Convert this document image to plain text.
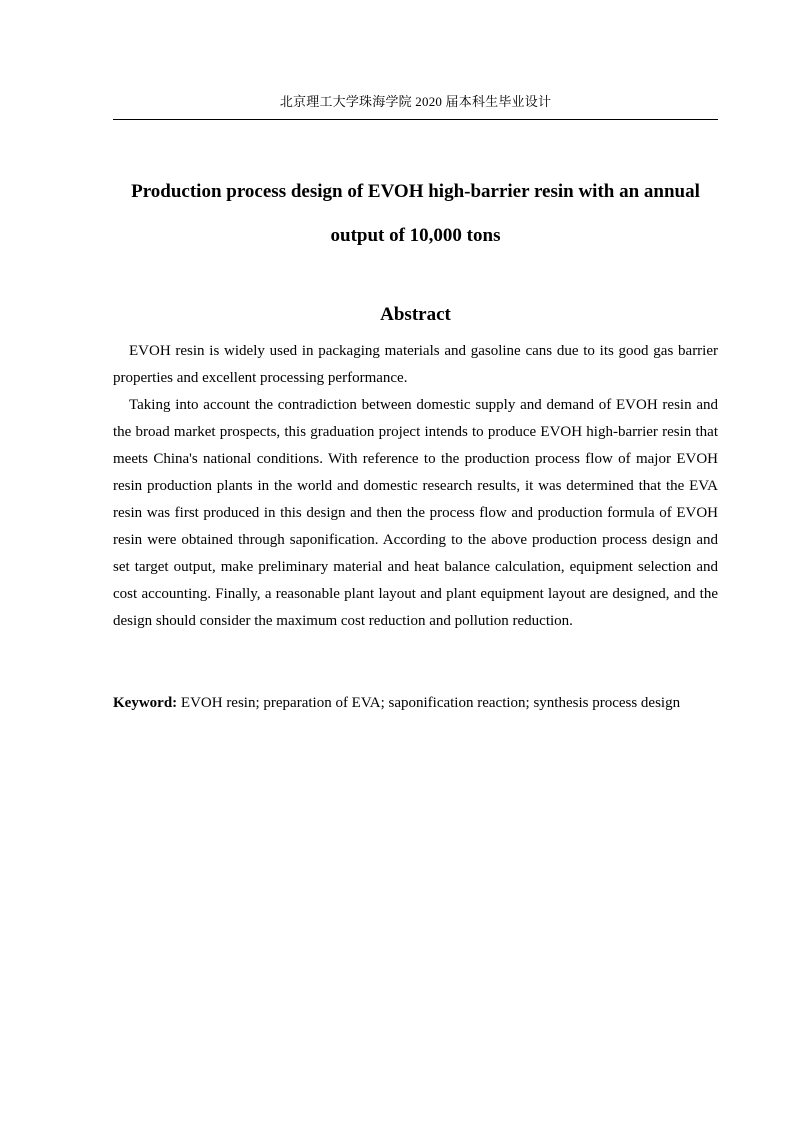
北京理工大学珠海学院 2020 届本科生毕业设计
Production process design of EVOH high-barrier resin with an annual
output of 10,000 tons
Abstract

EVOH resin is widely used in packaging materials and gasoline cans due to its good gas barrier properties and excellent processing performance.

Taking into account the contradiction between domestic supply and demand of EVOH resin and the broad market prospects, this graduation project intends to produce EVOH high-barrier resin that meets China's national conditions. With reference to the production process flow of major EVOH resin production plants in the world and domestic research results, it was determined that the EVA resin was first produced in this design and then the process flow and production formula of EVOH resin were obtained through saponification. According to the above production process design and set target output, make preliminary material and heat balance calculation, equipment selection and cost accounting. Finally, a reasonable plant layout and plant equipment layout are designed, and the design should consider the maximum cost reduction and pollution reduction.

Keyword: EVOH resin; preparation of EVA; saponification reaction; synthesis process design
